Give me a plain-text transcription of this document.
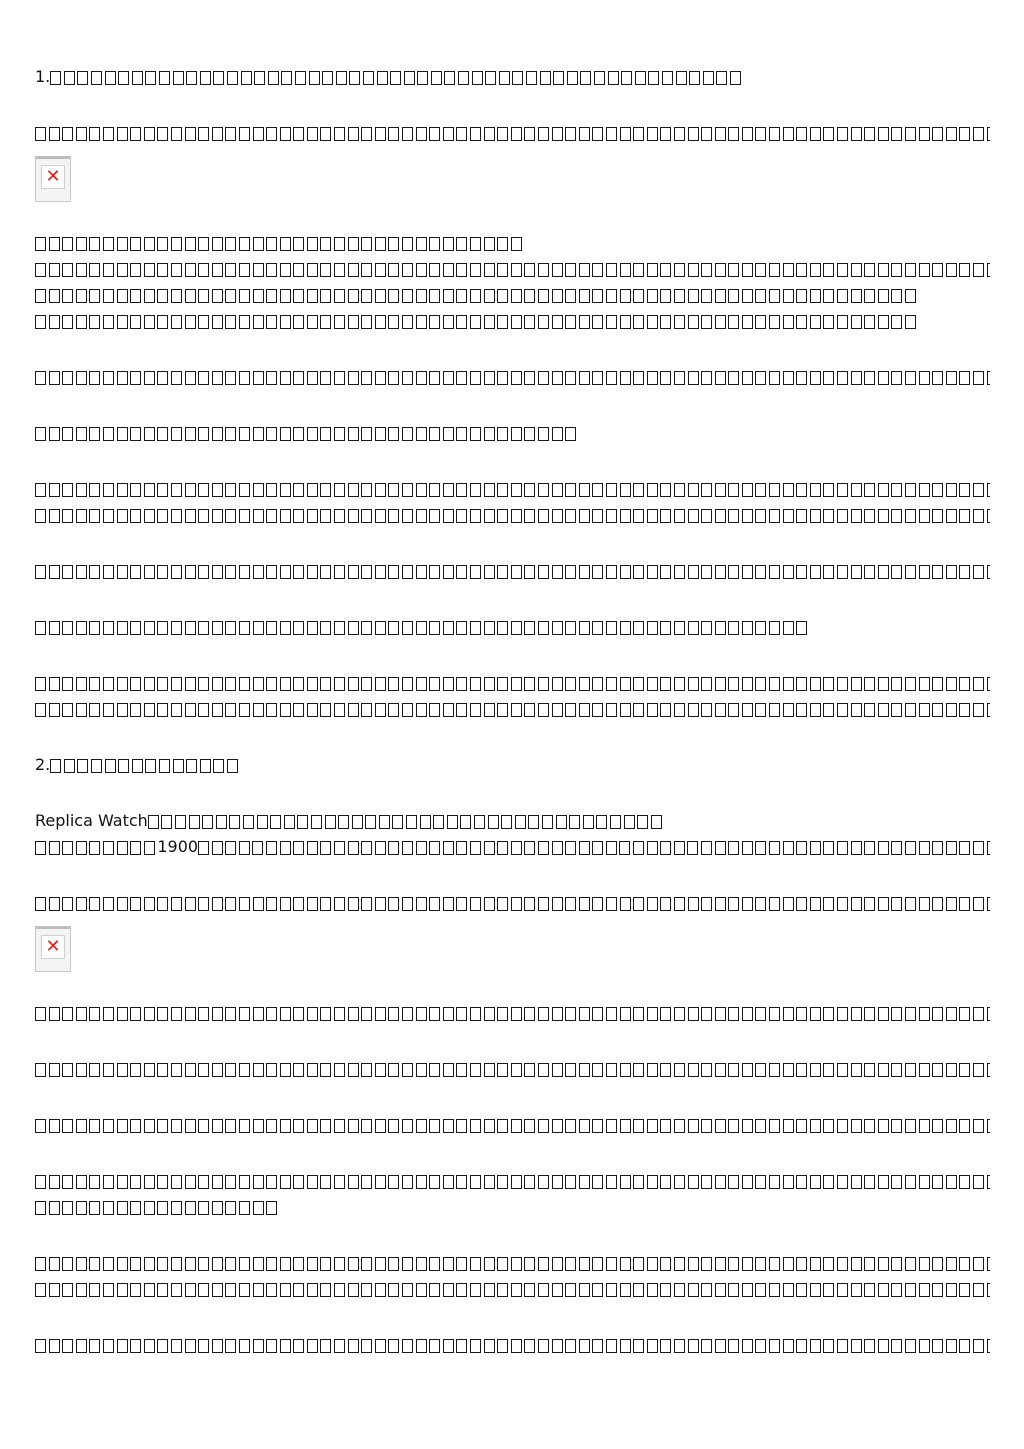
1.
✕
2.
Replica Watch
1900
✕
